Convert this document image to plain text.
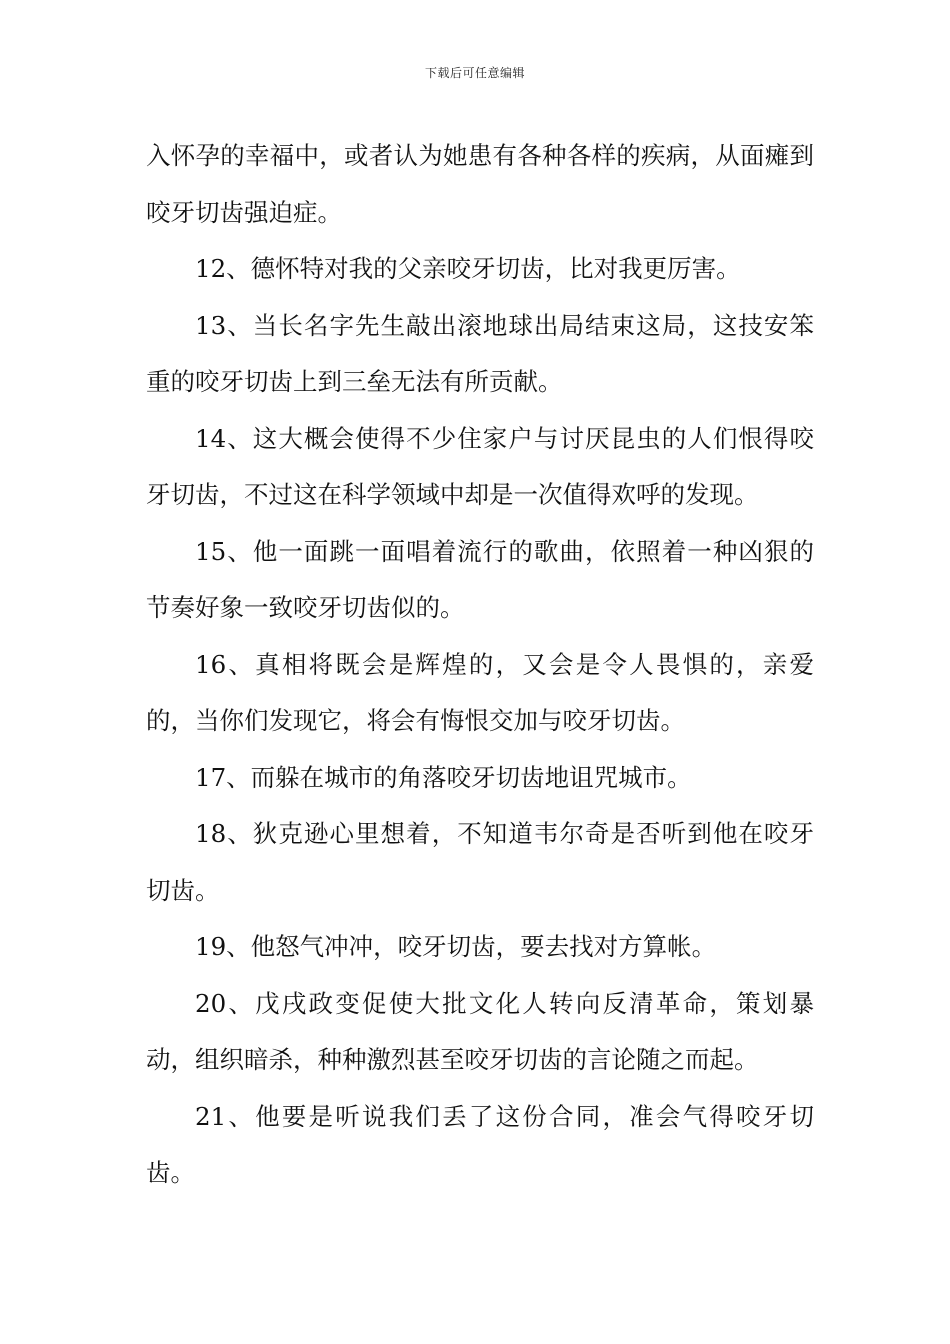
下载后可任意编辑

入怀孕的幸福中，或者认为她患有各种各样的疾病，从面瘫到咬牙切齿强迫症。

12、德怀特对我的父亲咬牙切齿，比对我更厉害。

13、当长名字先生敲出滚地球出局结束这局，这技安笨重的咬牙切齿上到三垒无法有所贡献。

14、这大概会使得不少住家户与讨厌昆虫的人们恨得咬牙切齿，不过这在科学领域中却是一次值得欢呼的发现。

15、他一面跳一面唱着流行的歌曲，依照着一种凶狠的节奏好象一致咬牙切齿似的。

16、真相将既会是辉煌的，又会是令人畏惧的，亲爱的，当你们发现它，将会有悔恨交加与咬牙切齿。

17、而躲在城市的角落咬牙切齿地诅咒城市。

18、狄克逊心里想着，不知道韦尔奇是否听到他在咬牙切齿。

19、他怒气冲冲，咬牙切齿，要去找对方算帐。

20、戊戌政变促使大批文化人转向反清革命，策划暴动，组织暗杀，种种激烈甚至咬牙切齿的言论随之而起。

21、他要是听说我们丢了这份合同，准会气得咬牙切齿。
